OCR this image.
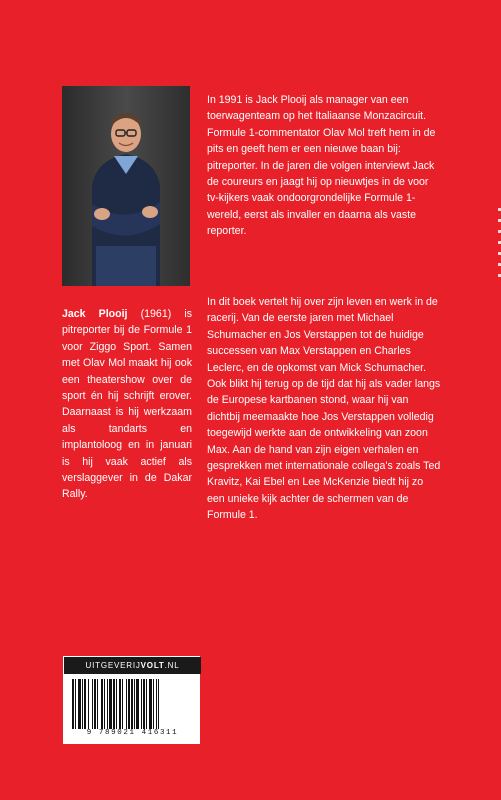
Jack Plooij (1961) is pitreporter bij de Formule 1 voor Ziggo Sport. Samen met Olav Mol maakt hij ook een theatershow over de sport én hij schrijft erover. Daarnaast is hij werkzaam als tandarts en implantoloog en in januari is hij vaak actief als verslaggever in de Dakar Rally.
In 1991 is Jack Plooij als manager van een toerwagenteam op het Italiaanse Monzacircuit. Formule 1-commentator Olav Mol treft hem in de pits en geeft hem er een nieuwe baan bij: pitreporter. In de jaren die volgen interviewt Jack de coureurs en jaagt hij op nieuwtjes in de voor tv-kijkers vaak ondoorgrondelijke Formule 1-wereld, eerst als invaller en daarna als vaste reporter.
In dit boek vertelt hij over zijn leven en werk in de racerij. Van de eerste jaren met Michael Schumacher en Jos Verstappen tot de huidige successen van Max Verstappen en Charles Leclerc, en de opkomst van Mick Schumacher. Ook blikt hij terug op de tijd dat hij als vader langs de Europese kartbanen stond, waar hij van dichtbij meemaakte hoe Jos Verstappen volledig toegewijd werkte aan de ontwikkeling van zoon Max. Aan de hand van zijn eigen verhalen en gesprekken met internationale collega's zoals Ted Kravitz, Kai Ebel en Lee McKenzie biedt hij zo een unieke kijk achter de schermen van de Formule 1.
UITGEVERIJVOLT.NL
9 789021 416311
